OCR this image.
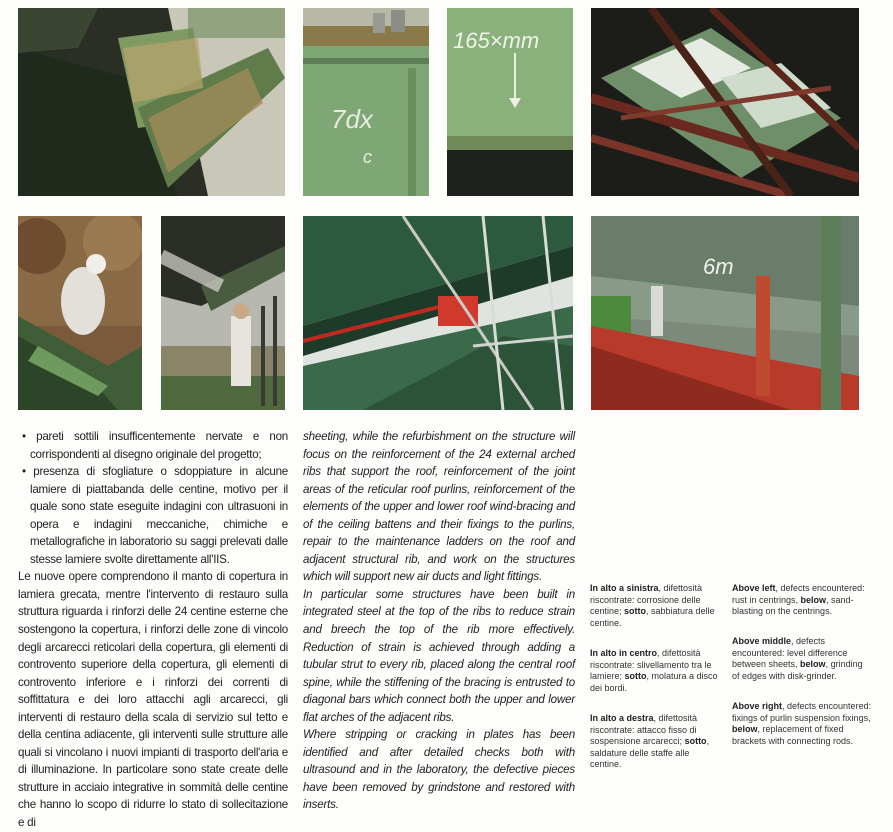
7dx
c
165×mm
6m

• pareti sottili insufficentemente nervate e non corrispondenti al disegno originale del progetto;

• presenza di sfogliature o sdoppiature in alcune lamiere di piattabanda delle centine, motivo per il quale sono state eseguite indagini con ultrasuoni in opera e indagini meccaniche, chimiche e metallografiche in laboratorio su saggi prelevati dalle stesse lamiere svolte direttamente all'IIS.

Le nuove opere comprendono il manto di copertura in lamiera grecata, mentre l'intervento di restauro sulla struttura riguarda i rinforzi delle 24 centine esterne che sostengono la copertura, i rinforzi delle zone di vincolo degli arcarecci reticolari della copertura, gli elementi di controvento superiore della copertura, gli elementi di controvento inferiore e i rinforzi dei correnti di soffittatura e dei loro attacchi agli arcarecci, gli interventi di restauro della scala di servizio sul tetto e della centina adiacente, gli interventi sulle strutture alle quali si vincolano i nuovi impianti di trasporto dell'aria e di illuminazione. In particolare sono state create delle strutture in acciaio integrative in sommità delle centine che hanno lo scopo di ridurre lo stato di sollecitazione e di

sheeting, while the refurbishment on the structure will focus on the reinforcement of the 24 external arched ribs that support the roof, reinforcement of the joint areas of the reticular roof purlins, reinforcement of the elements of the upper and lower roof wind-bracing and of the ceiling battens and their fixings to the purlins, repair to the maintenance ladders on the roof and adjacent structural rib, and work on the structures which will support new air ducts and light fittings.

In particular some structures have been built in integrated steel at the top of the ribs to reduce strain and breech the top of the rib more effectively. Reduction of strain is achieved through adding a tubular strut to every rib, placed along the central roof spine, while the stiffening of the bracing is entrusted to diagonal bars which connect both the upper and lower flat arches of the adjacent ribs.

Where stripping or cracking in plates has been identified and after detailed checks both with ultrasound and in the laboratory, the defective pieces have been removed by grindstone and restored with inserts.

In alto a sinistra, difettosità riscontrate: corrosione delle centine; sotto, sabbiatura delle centine.
In alto in centro, difettosità riscontrate: slivellamento tra le lamiere; sotto, molatura a disco dei bordi.
In alto a destra, difettosità riscontrate: attacco fisso di sospensione arcarecci; sotto, saldature delle staffe alle centine.
Above left, defects encountered: rust in centrings, below, sand-blasting on the centrings.
Above middle, defects encountered: level difference between sheets, below, grinding of edges with disk-grinder.
Above right, defects encountered: fixings of purlin suspension fixings, below, replacement of fixed brackets with connecting rods.
